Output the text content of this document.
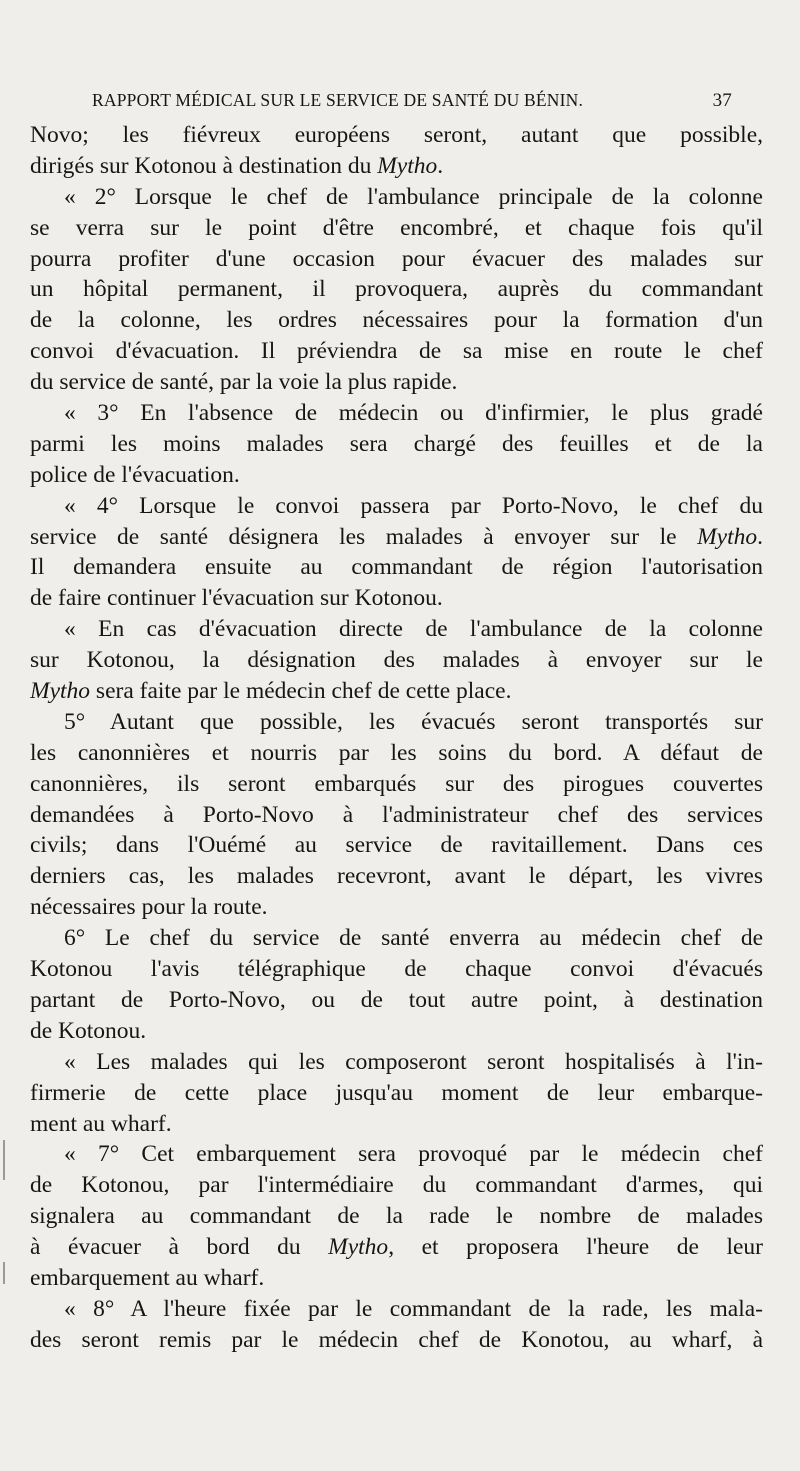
RAPPORT MÉDICAL SUR LE SERVICE DE SANTÉ DU BÉNIN.	37
Novo; les fiévreux européens seront, autant que possible,
dirigés sur Kotonou à destination du Mytho.
« 2° Lorsque le chef de l'ambulance principale de la colonne
se verra sur le point d'être encombré, et chaque fois qu'il
pourra profiter d'une occasion pour évacuer des malades sur
un hôpital permanent, il provoquera, auprès du commandant
de la colonne, les ordres nécessaires pour la formation d'un
convoi d'évacuation. Il préviendra de sa mise en route le chef
du service de santé, par la voie la plus rapide.
« 3° En l'absence de médecin ou d'infirmier, le plus gradé
parmi les moins malades sera chargé des feuilles et de la
police de l'évacuation.
« 4° Lorsque le convoi passera par Porto-Novo, le chef du
service de santé désignera les malades à envoyer sur le Mytho.
Il demandera ensuite au commandant de région l'autorisation
de faire continuer l'évacuation sur Kotonou.
« En cas d'évacuation directe de l'ambulance de la colonne
sur Kotonou, la désignation des malades à envoyer sur le
Mytho sera faite par le médecin chef de cette place.
5° Autant que possible, les évacués seront transportés sur
les canonnières et nourris par les soins du bord. A défaut de
canonnières, ils seront embarqués sur des pirogues couvertes
demandées à Porto-Novo à l'administrateur chef des services
civils; dans l'Ouémé au service de ravitaillement. Dans ces
derniers cas, les malades recevront, avant le départ, les vivres
nécessaires pour la route.
6° Le chef du service de santé enverra au médecin chef de
Kotonou l'avis télégraphique de chaque convoi d'évacués
partant de Porto-Novo, ou de tout autre point, à destination
de Kotonou.
« Les malades qui les composeront seront hospitalisés à l'in-
firmerie de cette place jusqu'au moment de leur embarque-
ment au wharf.
« 7° Cet embarquement sera provoqué par le médecin chef
de Kotonou, par l'intermédiaire du commandant d'armes, qui
signalera au commandant de la rade le nombre de malades
à évacuer à bord du Mytho, et proposera l'heure de leur
embarquement au wharf.
« 8° A l'heure fixée par le commandant de la rade, les mala-
des seront remis par le médecin chef de Konotou, au wharf, à
